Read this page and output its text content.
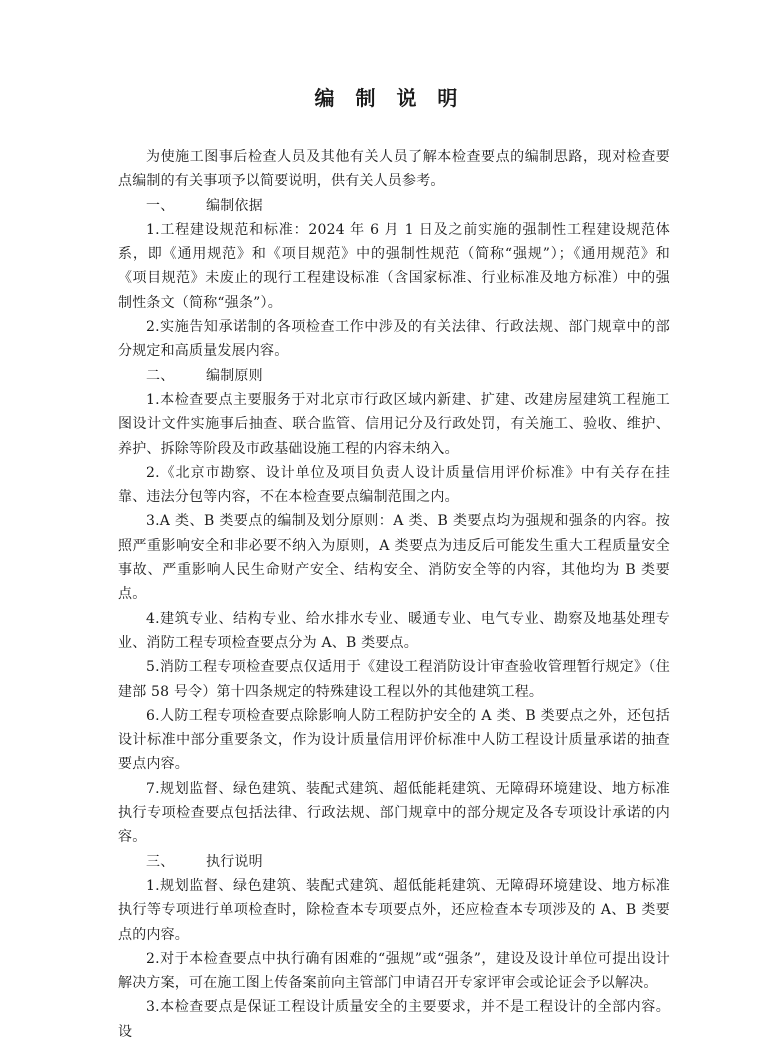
编 制 说 明

为使施工图事后检查人员及其他有关人员了解本检查要点的编制思路，现对检查要点编制的有关事项予以简要说明，供有关人员参考。

一、 编制依据

1.工程建设规范和标准：2024 年 6 月 1 日及之前实施的强制性工程建设规范体系，即《通用规范》和《项目规范》中的强制性规范（简称“强规”）；《通用规范》和《项目规范》未废止的现行工程建设标准（含国家标准、行业标准及地方标准）中的强制性条文（简称“强条”）。

2.实施告知承诺制的各项检查工作中涉及的有关法律、行政法规、部门规章中的部分规定和高质量发展内容。

二、 编制原则

1.本检查要点主要服务于对北京市行政区域内新建、扩建、改建房屋建筑工程施工图设计文件实施事后抽查、联合监管、信用记分及行政处罚，有关施工、验收、维护、养护、拆除等阶段及市政基础设施工程的内容未纳入。

2.《北京市勘察、设计单位及项目负责人设计质量信用评价标准》中有关存在挂靠、违法分包等内容，不在本检查要点编制范围之内。

3.A 类、B 类要点的编制及划分原则：A 类、B 类要点均为强规和强条的内容。按照严重影响安全和非必要不纳入为原则，A 类要点为违反后可能发生重大工程质量安全事故、严重影响人民生命财产安全、结构安全、消防安全等的内容，其他均为 B 类要点。

4.建筑专业、结构专业、给水排水专业、暖通专业、电气专业、勘察及地基处理专业、消防工程专项检查要点分为 A、B 类要点。

5.消防工程专项检查要点仅适用于《建设工程消防设计审查验收管理暂行规定》（住建部 58 号令）第十四条规定的特殊建设工程以外的其他建筑工程。

6.人防工程专项检查要点除影响人防工程防护安全的 A 类、B 类要点之外，还包括设计标准中部分重要条文，作为设计质量信用评价标准中人防工程设计质量承诺的抽查要点内容。

7.规划监督、绿色建筑、装配式建筑、超低能耗建筑、无障碍环境建设、地方标准执行专项检查要点包括法律、行政法规、部门规章中的部分规定及各专项设计承诺的内容。

三、 执行说明

1.规划监督、绿色建筑、装配式建筑、超低能耗建筑、无障碍环境建设、地方标准执行等专项进行单项检查时，除检查本专项要点外，还应检查本专项涉及的 A、B 类要点的内容。

2.对于本检查要点中执行确有困难的“强规”或“强条”，建设及设计单位可提出设计解决方案，可在施工图上传备案前向主管部门申请召开专家评审会或论证会予以解决。

3.本检查要点是保证工程设计质量安全的主要要求，并不是工程设计的全部内容。设
